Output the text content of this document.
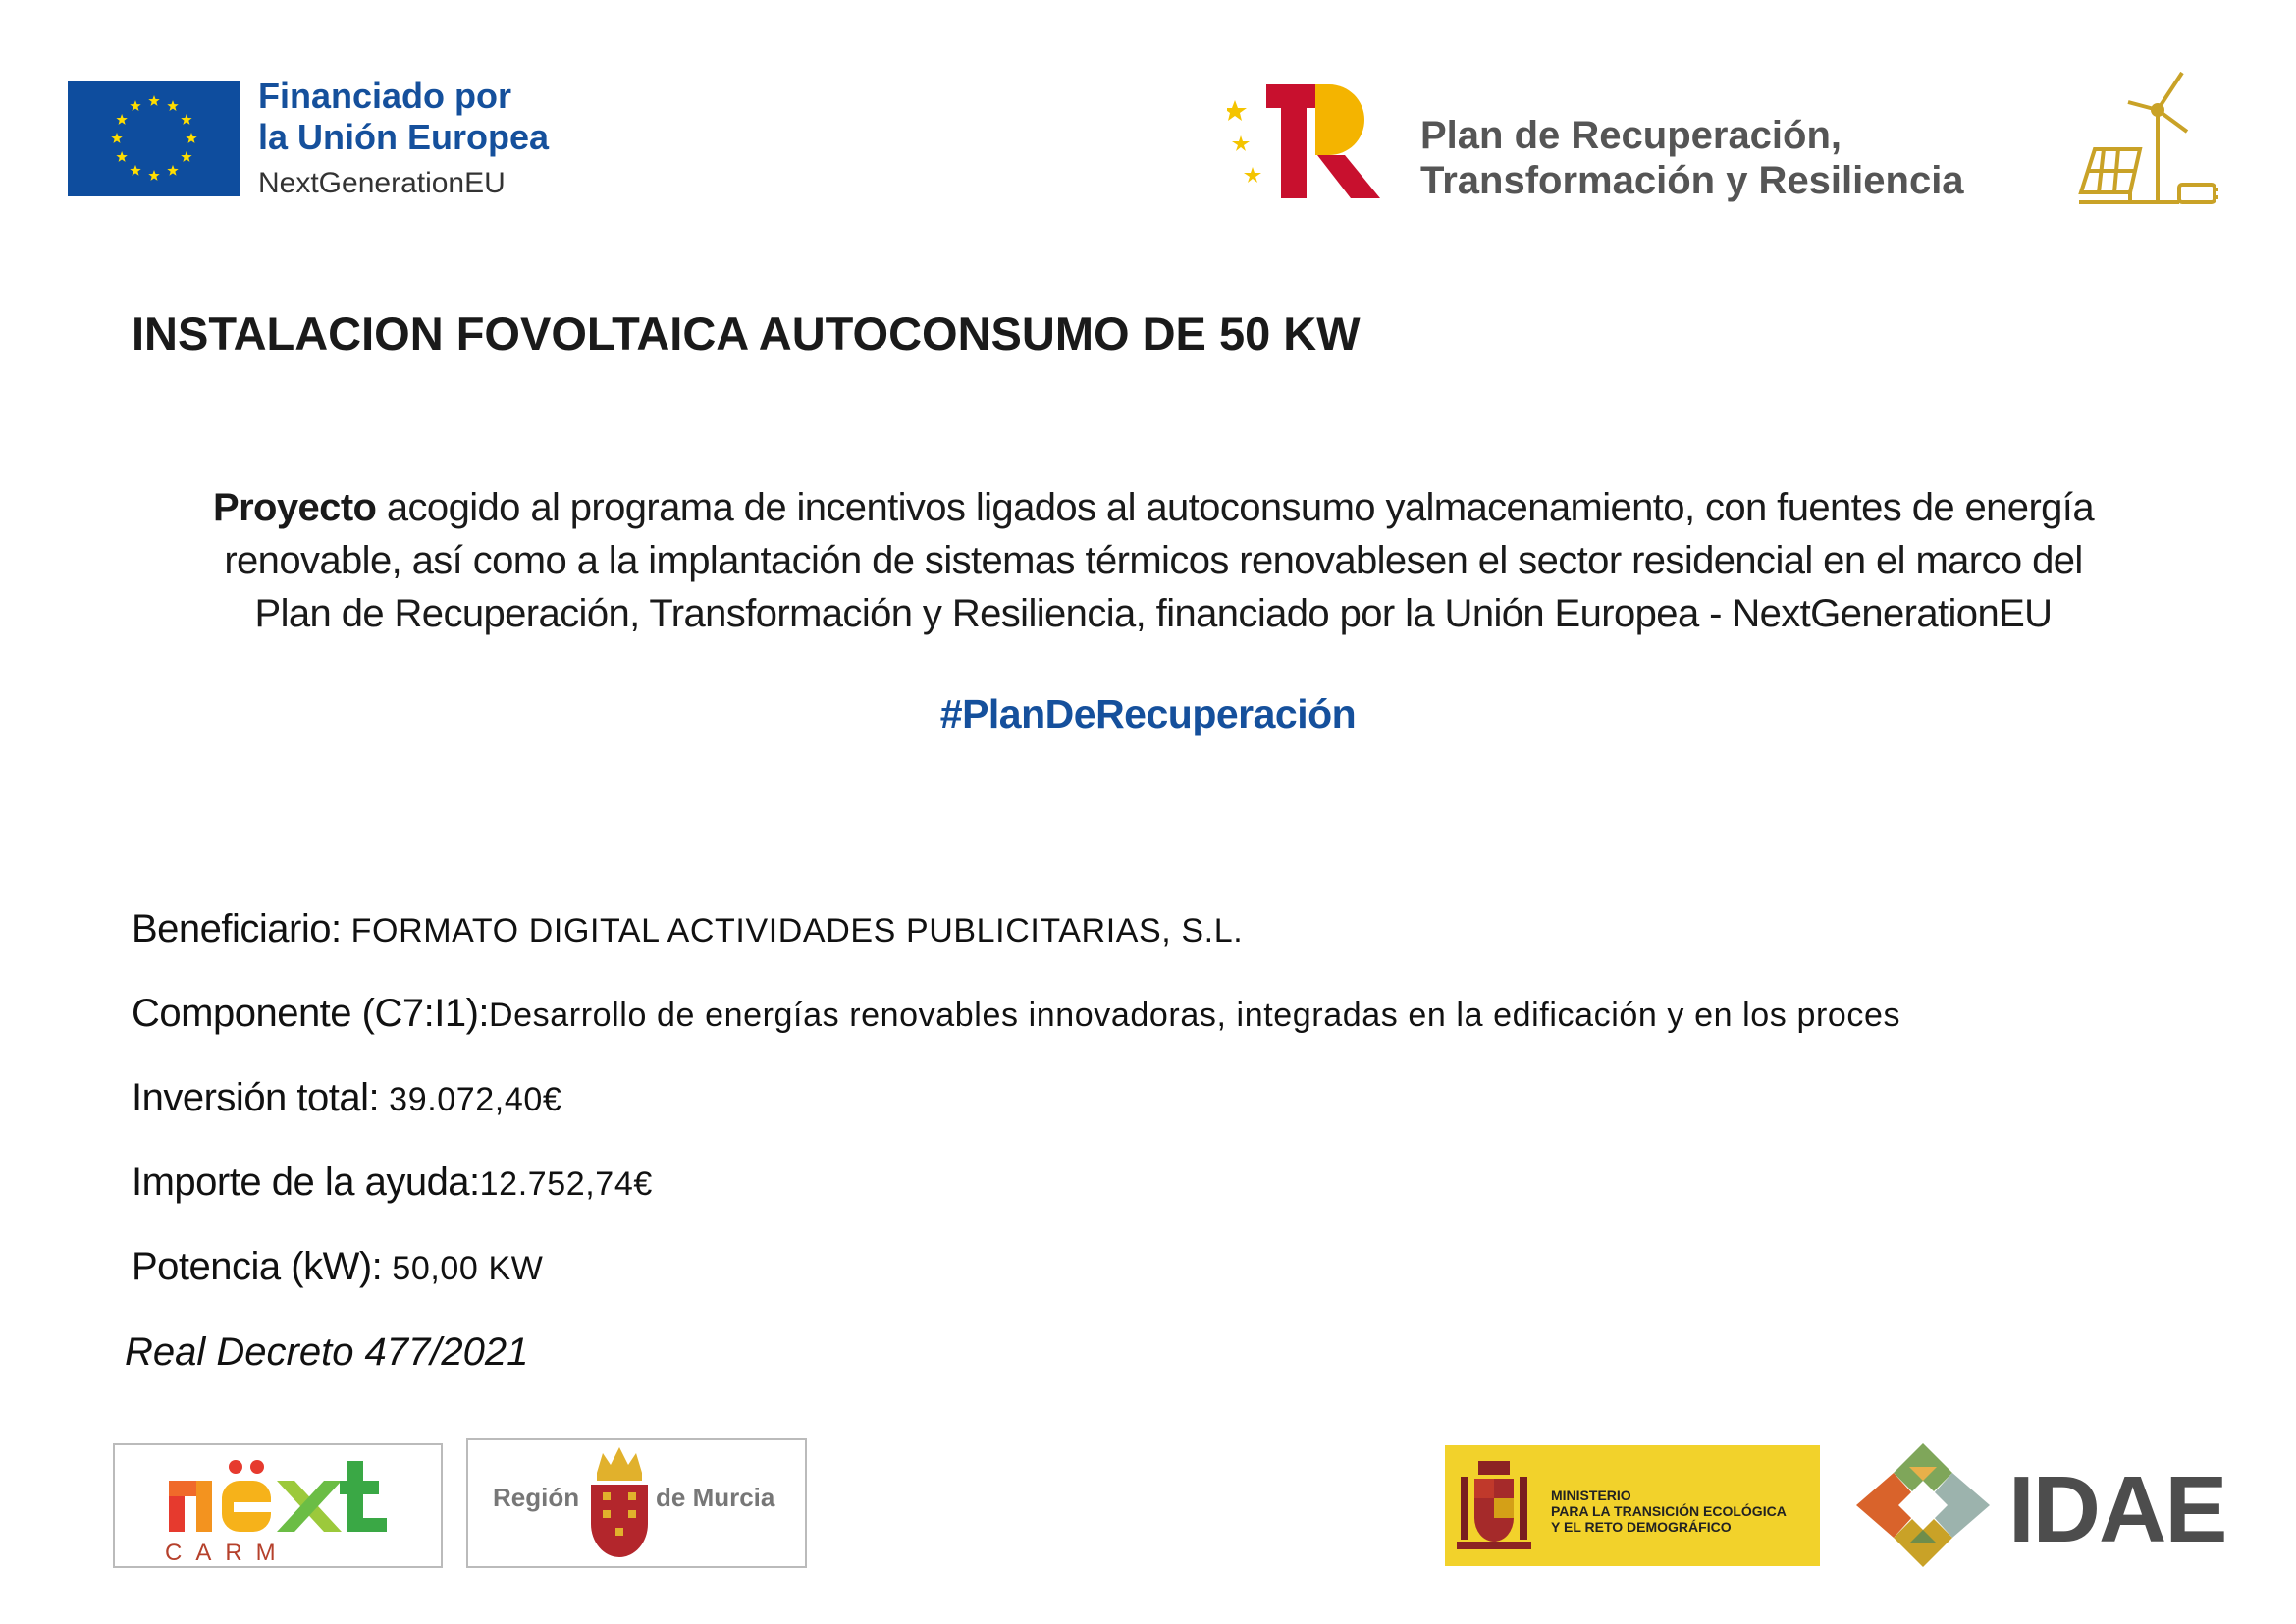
Financiado por
la Unión Europea
NextGenerationEU
Plan de Recuperación,
Transformación y Resiliencia
INSTALACION FOVOLTAICA AUTOCONSUMO DE 50 KW
Proyecto acogido al programa de incentivos ligados al autoconsumo yalmacenamiento, con fuentes de energía
renovable, así como a la implantación de sistemas térmicos renovablesen el sector residencial en el marco del
Plan de Recuperación, Transformación y Resiliencia, financiado por la Unión Europea - NextGenerationEU
#PlanDeRecuperación
Beneficiario: FORMATO DIGITAL ACTIVIDADES PUBLICITARIAS, S.L.
Componente (C7:I1):Desarrollo de energías renovables innovadoras, integradas en la edificación y en los proces
Inversión total: 39.072,40€
Importe de la ayuda:12.752,74€
Potencia (kW): 50,00 KW
Real Decreto 477/2021
CARM
Región	de Murcia	MINISTERIO
PARA LA TRANSICIÓN ECOLÓGICA
Y EL RETO DEMOGRÁFICO	IDAE
